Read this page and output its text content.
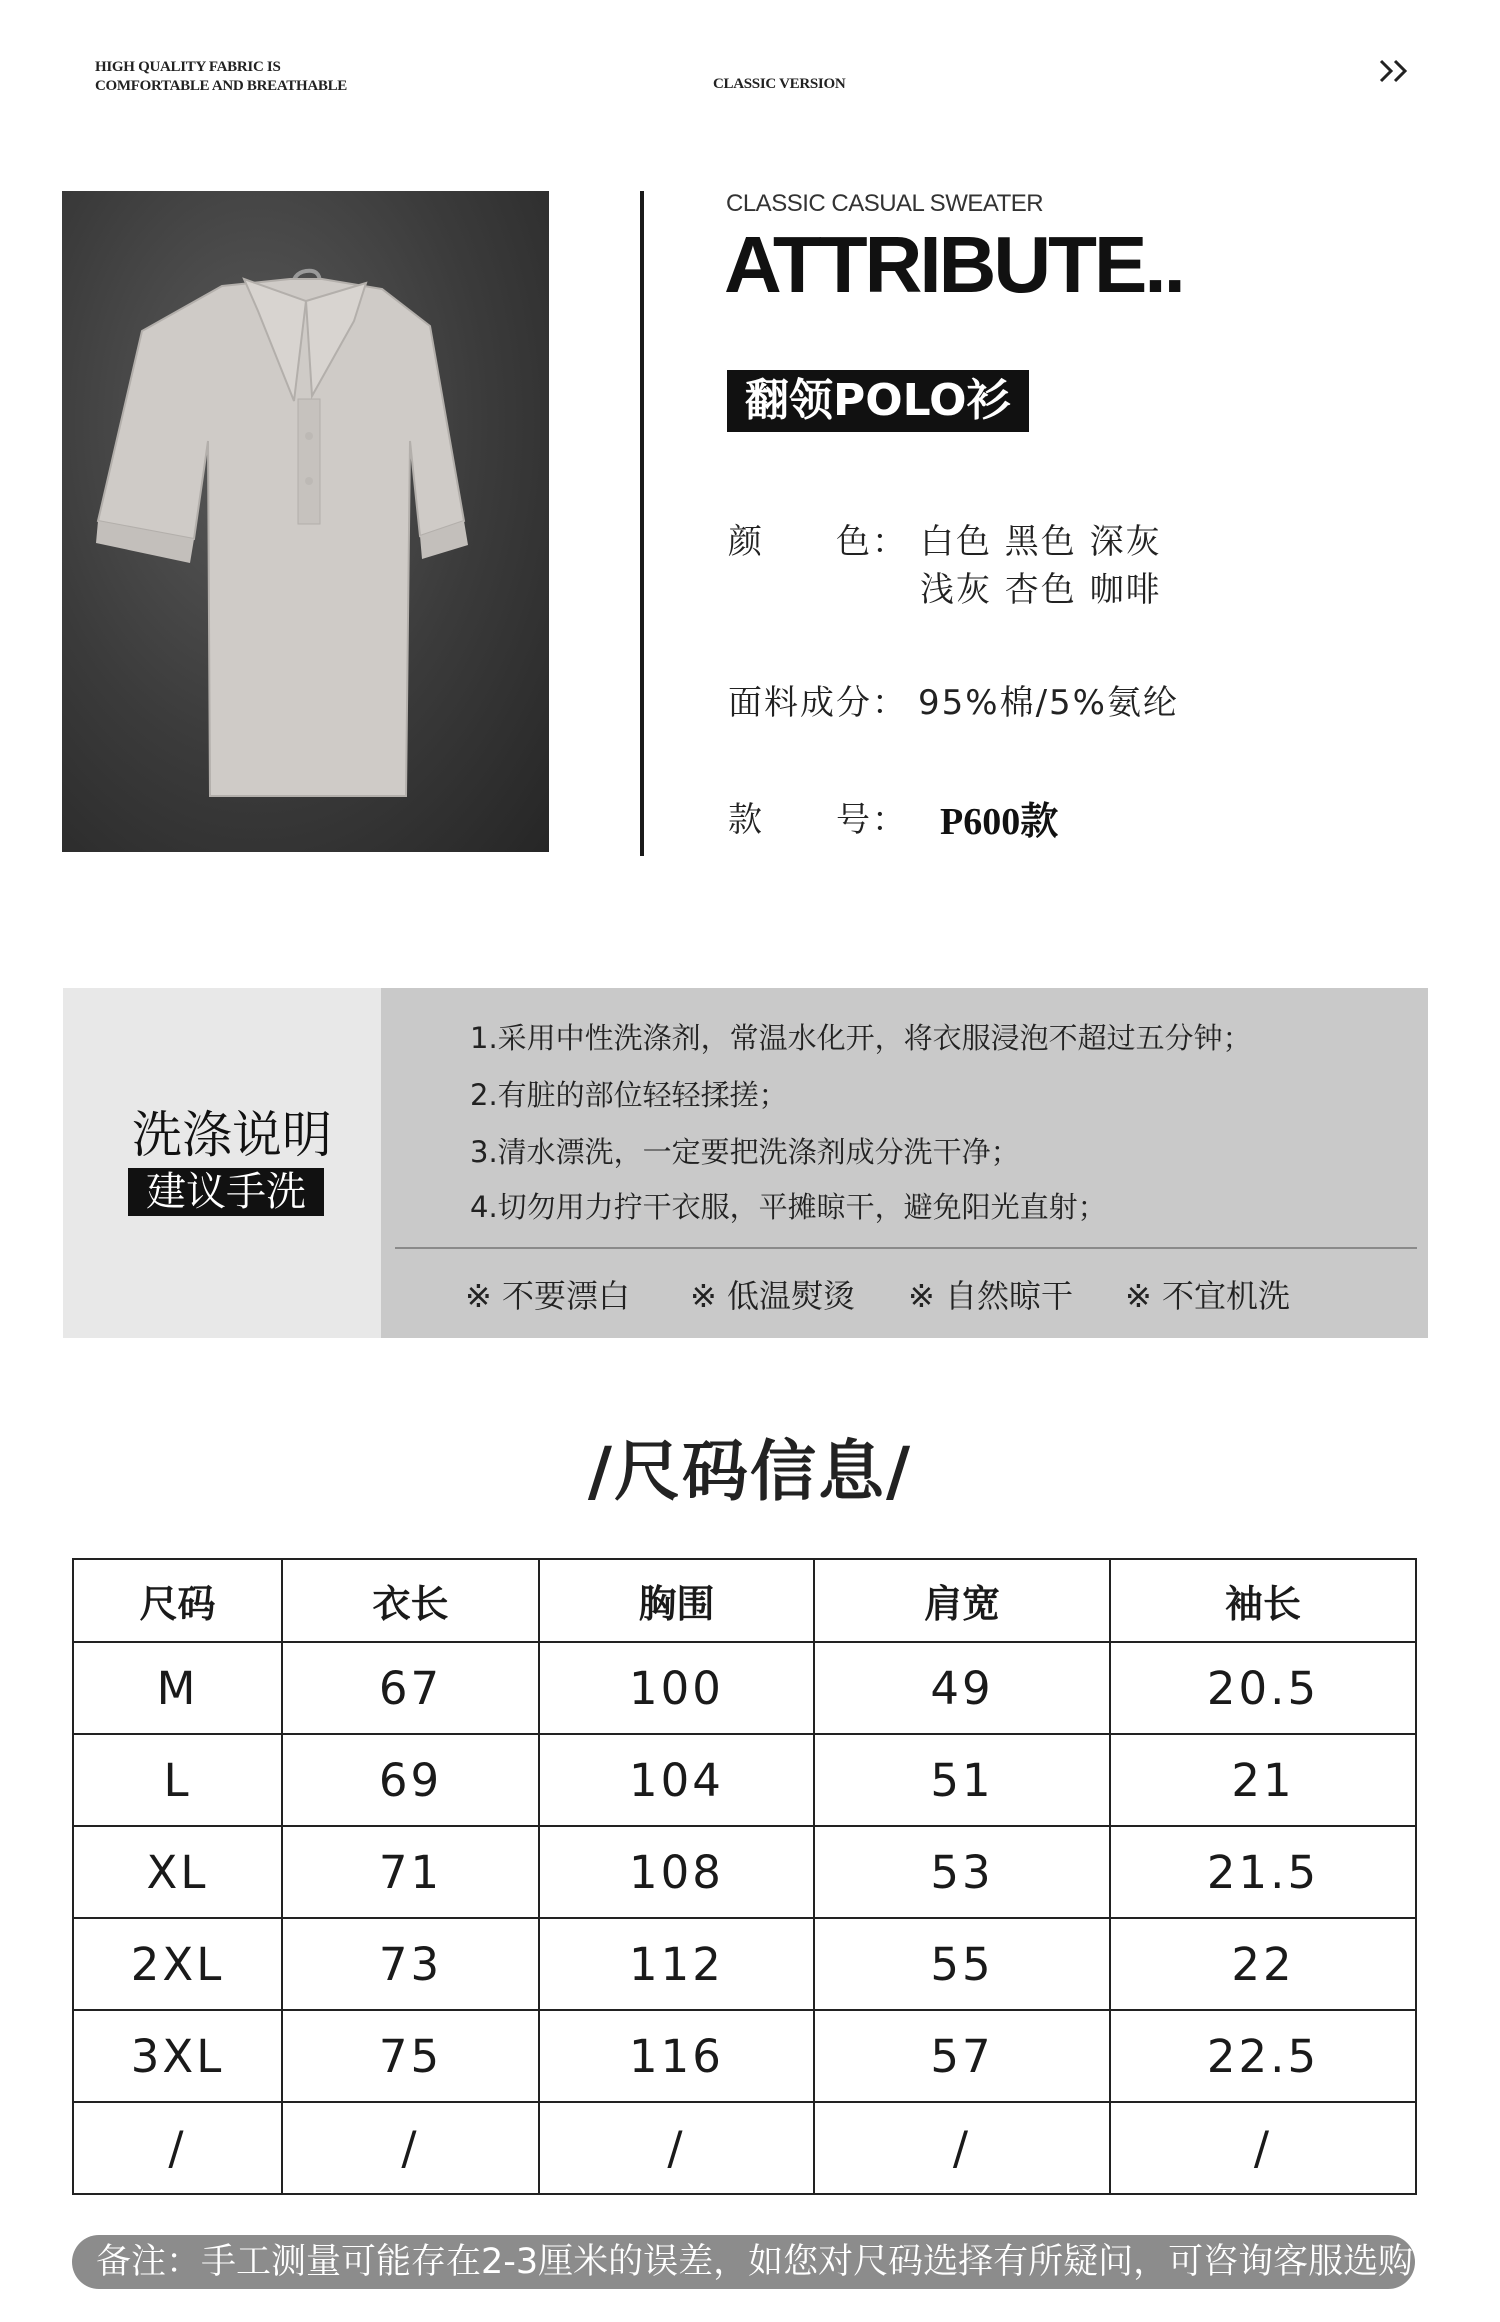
HIGH QUALITY FABRIC IS
COMFORTABLE AND BREATHABLE	CLASSIC VERSION
CLASSIC CASUAL SWEATER
ATTRIBUTE..
翻领POLO衫
颜　　色： 白色 黑色 深灰
浅灰 杏色 咖啡
面料成分： 95%棉/5%氨纶
款　　号： P600款
洗涤说明
建议手洗
1.采用中性洗涤剂，常温水化开，将衣服浸泡不超过五分钟；
2.有脏的部位轻轻揉搓；
3.清水漂洗，一定要把洗涤剂成分洗干净；
4.切勿用力拧干衣服，平摊晾干，避免阳光直射；
※ 不要漂白 ※ 低温熨烫 ※ 自然晾干 ※ 不宜机洗
/尺码信息/
尺码	衣长	胸围	肩宽	袖长
M	67	100	49	20.5
L	69	104	51	21
XL	71	108	53	21.5
2XL	73	112	55	22
3XL	75	116	57	22.5
/	/	/	/	/
备注：手工测量可能存在2-3厘米的误差，如您对尺码选择有所疑问，可咨询客服选购
